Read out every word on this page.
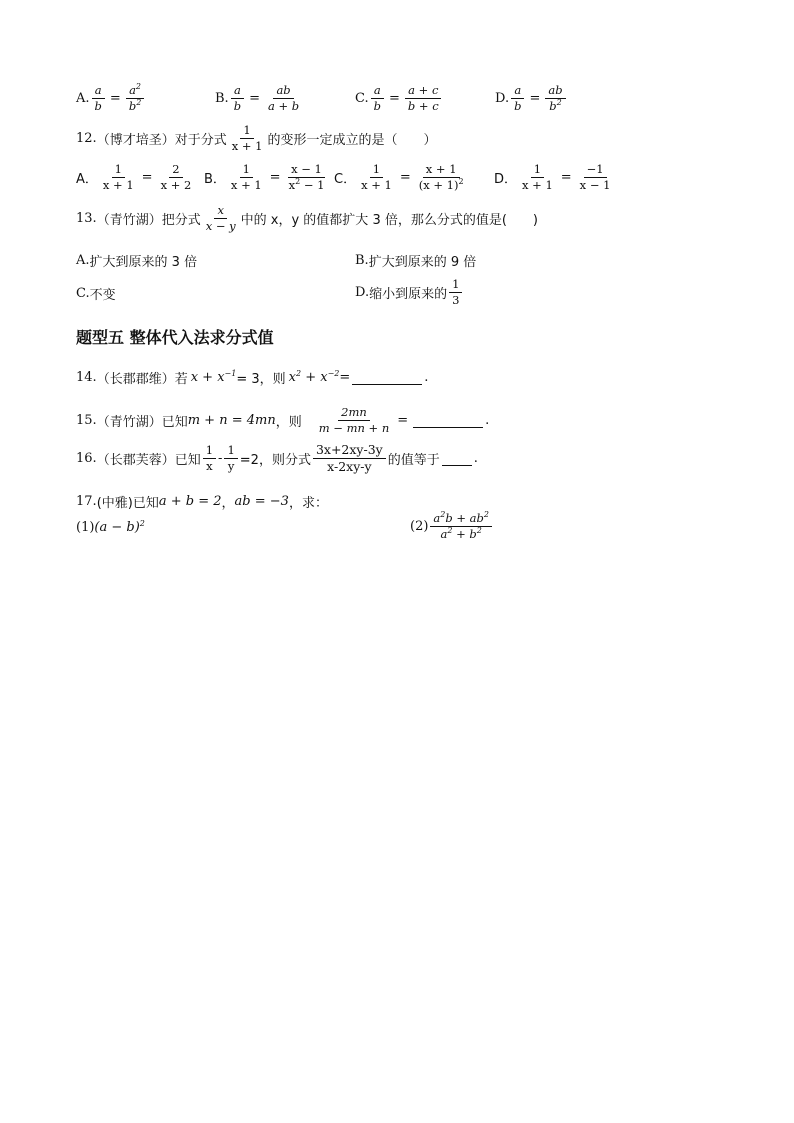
A. $\frac{a}{b} = \frac{a^2}{b^2}$	B. $\frac{a}{b} = \frac{ab}{a + b}$	C. $\frac{a}{b} = \frac{a + c}{b + c}$	D. $\frac{a}{b} = \frac{ab}{b^2}$
12. （博才培圣） 对于分式 $\frac{1}{x + 1}$ 的变形一定成立的是（　　）
A． $\frac{1}{x + 1} = \frac{2}{x + 2}$ B． $\frac{1}{x + 1} = \frac{x - 1}{x^2 - 1}$ C． $\frac{1}{x + 1} = \frac{x + 1}{(x + 1)^2}$ D． $\frac{1}{x + 1} = \frac{-1}{x - 1}$
13. （青竹湖） 把分式 $\frac{x}{x - y}$ 中的 x，y 的值都扩大 3 倍，那么分式的值是(　　)
A. 扩大到原来的 3 倍	B. 扩大到原来的 9 倍
C. 不变	D. 缩小到原来的 $\frac{1}{3}$
题型五 整体代入法求分式值
14. （长郡郡维） 若 $x + x^{-1} = 3$，则 $x^2 + x^{-2}$ =	.
15. （青竹湖） 已知 m + n = 4mn ，则 $\frac{2mn}{m - mn + n}$ =	.
16. （长郡芙蓉） 已知 $\frac{1}{x} - \frac{1}{y} =2$，则分式 $\frac{3x+2xy-3y}{x-2xy-y}$ 的值等于	.
17. (中雅) 已知 a + b = 2 ， ab = −3 ，求：
(1) $(a - b)^2$	$(2) \frac{a^2b + ab^2}{a^2 + b^2}$
